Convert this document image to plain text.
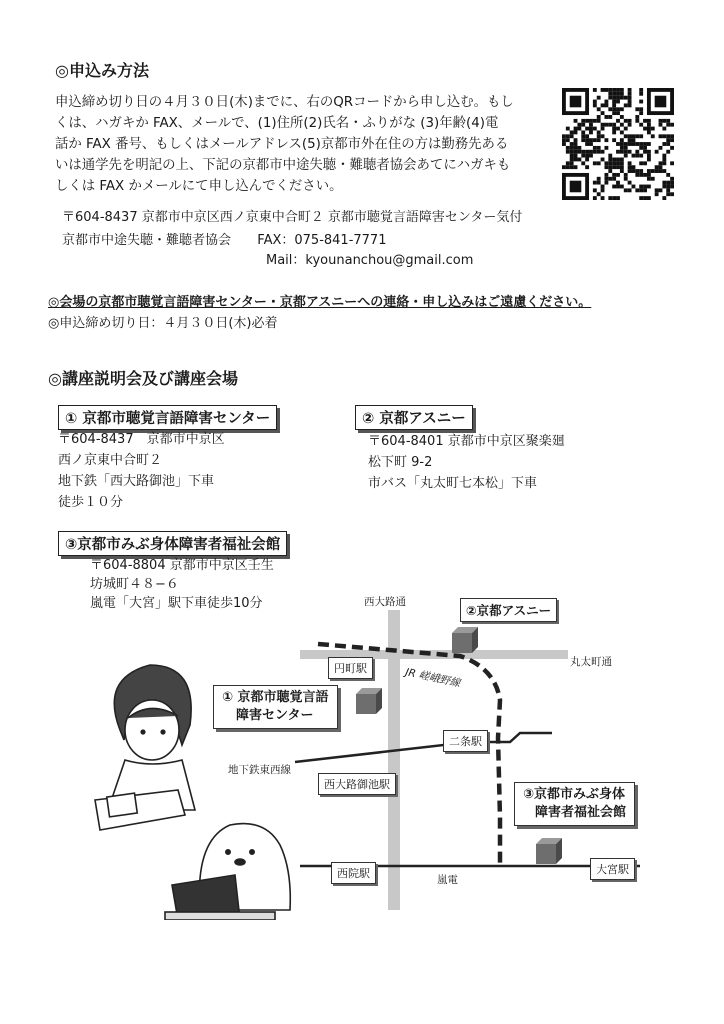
◎申込み方法
申込締め切り日の４月３０日(木)までに、右のQRコードから申し込む。もし
くは、ハガキか FAX、メールで、(1)住所(2)氏名・ふりがな (3)年齢(4)電
話か FAX 番号、もしくはメールアドレス(5)京都市外在住の方は勤務先ある
いは通学先を明記の上、下記の京都市中途失聴・難聴者協会あてにハガキも
しくは FAX かメールにて申し込んでください。
〒604-8437 京都市中京区西ノ京東中合町２ 京都市聴覚言語障害センター気付
京都市中途失聴・難聴者協会 FAX：075-841-7771
Mail：kyounanchou@gmail.com
◎会場の京都市聴覚言語障害センター・京都アスニーへの連絡・申し込みはご遠慮ください。
◎申込締め切り日：４月３０日(木)必着
◎講座説明会及び講座会場
① 京都市聴覚言語障害センター
〒604-8437　京都市中京区
西ノ京東中合町２
地下鉄「西大路御池」下車
徒歩１０分
② 京都アスニー
〒604-8401 京都市中京区聚楽廻
松下町 9-2
市バス「丸太町七本松」下車
③京都市みぶ身体障害者福祉会館
〒604-8804 京都市中京区壬生
坊城町４８−６
嵐電「大宮」駅下車徒歩10分	西大路通
②京都アスニー
円町駅	丸太町通
JR 嵯峨野線
① 京都市聴覚言語
障害センター
二条駅
地下鉄東西線
西大路御池駅
③京都市みぶ身体
障害者福祉会館
西院駅	嵐電
大宮駅
